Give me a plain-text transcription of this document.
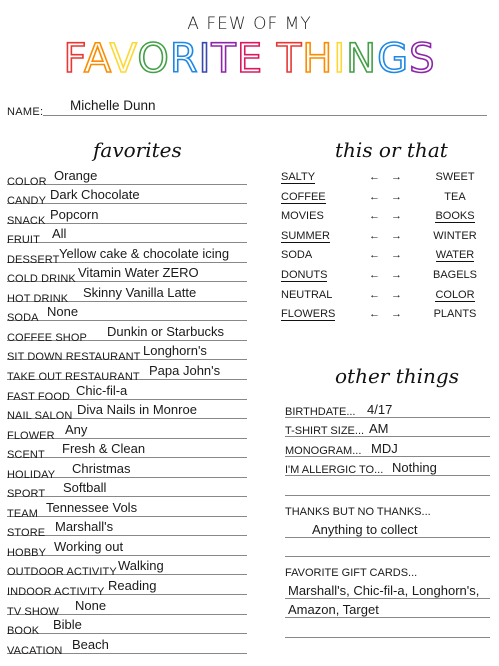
A FEW OF MY
FAVORITE THINGS
NAME: Michelle Dunn
favorites	this or that
other things
COLOR Orange
CANDY Dark Chocolate
SNACK Popcorn
FRUIT All
DESSERT Yellow cake & chocolate icing
COLD DRINK Vitamin Water ZERO
HOT DRINK Skinny Vanilla Latte
SODA None
COFFEE SHOP Dunkin or Starbucks
SIT DOWN RESTAURANT Longhorn's
TAKE OUT RESTAURANT Papa John's
FAST FOOD Chic-fil-a
NAIL SALON Diva Nails in Monroe
FLOWER Any
SCENT Fresh & Clean
HOLIDAY Christmas
SPORT Softball
TEAM Tennessee Vols
STORE Marshall's
HOBBY Working out
OUTDOOR ACTIVITY Walking
INDOOR ACTIVITY Reading
TV SHOW None
BOOK Bible
VACATION Beach
SALTY	← →	SWEET
COFFEE	← →	TEA
MOVIES	← →	BOOKS
SUMMER	← → WINTER
SODA	← →	WATER
DONUTS	← → BAGELS
NEUTRAL	← →	COLOR
FLOWERS	← →	PLANTS
BIRTHDATE... 4/17
T-SHIRT SIZE... AM
MONOGRAM... MDJ
I'M ALLERGIC TO... Nothing
THANKS BUT NO THANKS...
Anything to collect
FAVORITE GIFT CARDS...
Marshall's, Chic-fil-a, Longhorn's,
Amazon, Target
